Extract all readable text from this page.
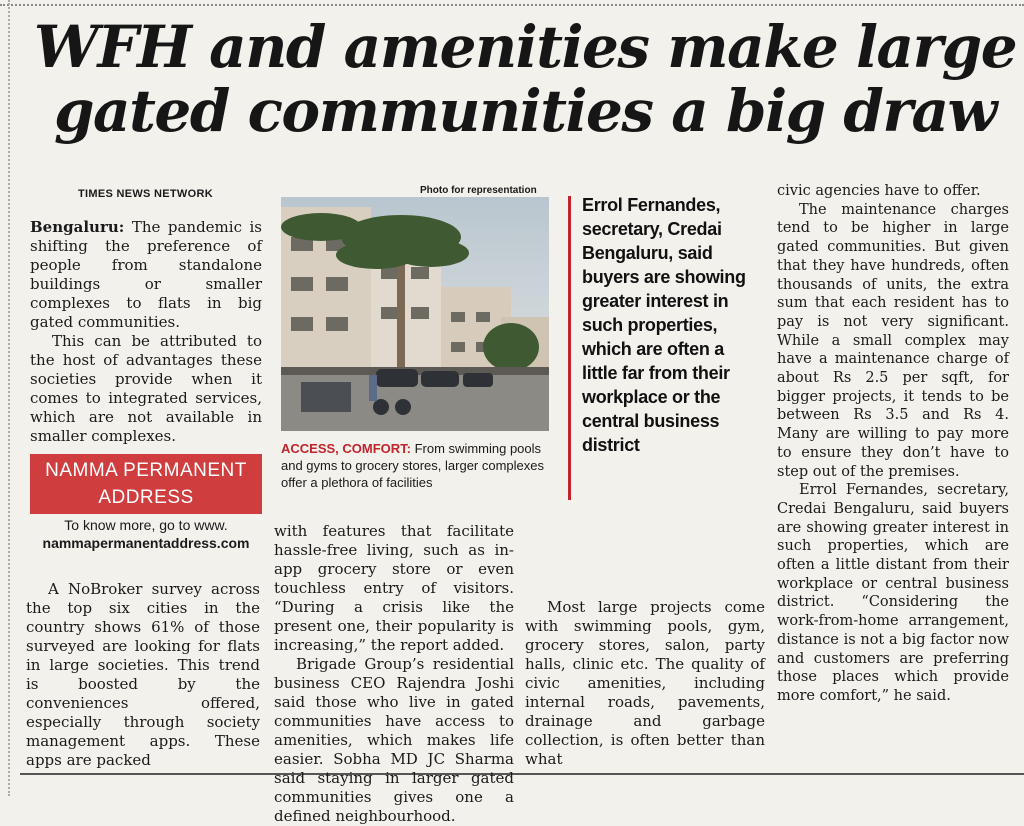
WFH and amenities make large gated communities a big draw
TIMES NEWS NETWORK	Photo for representation

Bengaluru: The pandemic is shifting the preference of people from standalone buildings or smaller complexes to flats in big gated communities.

This can be attributed to the host of advantages these societies provide when it comes to integrated services, which are not available in smaller complexes.

NAMMA PERMANENT ADDRESS
To know more, go to www.
nammapermanentaddress.com

A NoBroker survey across the top six cities in the country shows 61% of those surveyed are looking for flats in large societies. This trend is boosted by the conveniences offered, especially through society management apps. These apps are packed

ACCESS, COMFORT: From swimming pools and gyms to grocery stores, larger complexes offer a plethora of facilities

with features that facilitate hassle-free living, such as in-app grocery store or even touchless entry of visitors. “During a crisis like the present one, their popularity is increasing,” the report added.

Brigade Group’s residential business CEO Rajendra Joshi said those who live in gated communities have access to amenities, which makes life easier. Sobha MD JC Sharma said staying in larger gated communities gives one a defined neighbourhood.

Errol Fernandes, secretary, Credai Bengaluru, said buyers are showing greater interest in such properties, which are often a little far from their workplace or the central business district

Most large projects come with swimming pools, gym, grocery stores, salon, party halls, clinic etc. The quality of civic amenities, including internal roads, pavements, drainage and garbage collection, is often better than what

civic agencies have to offer.

The maintenance charges tend to be higher in large gated communities. But given that they have hundreds, often thousands of units, the extra sum that each resident has to pay is not very significant. While a small complex may have a maintenance charge of about Rs 2.5 per sqft, for bigger projects, it tends to be between Rs 3.5 and Rs 4. Many are willing to pay more to ensure they don’t have to step out of the premises.

Errol Fernandes, secretary, Credai Bengaluru, said buyers are showing greater interest in such properties, which are often a little distant from their workplace or central business district. “Considering the work-from-home arrangement, distance is not a big factor now and customers are preferring those places which provide more comfort,” he said.
